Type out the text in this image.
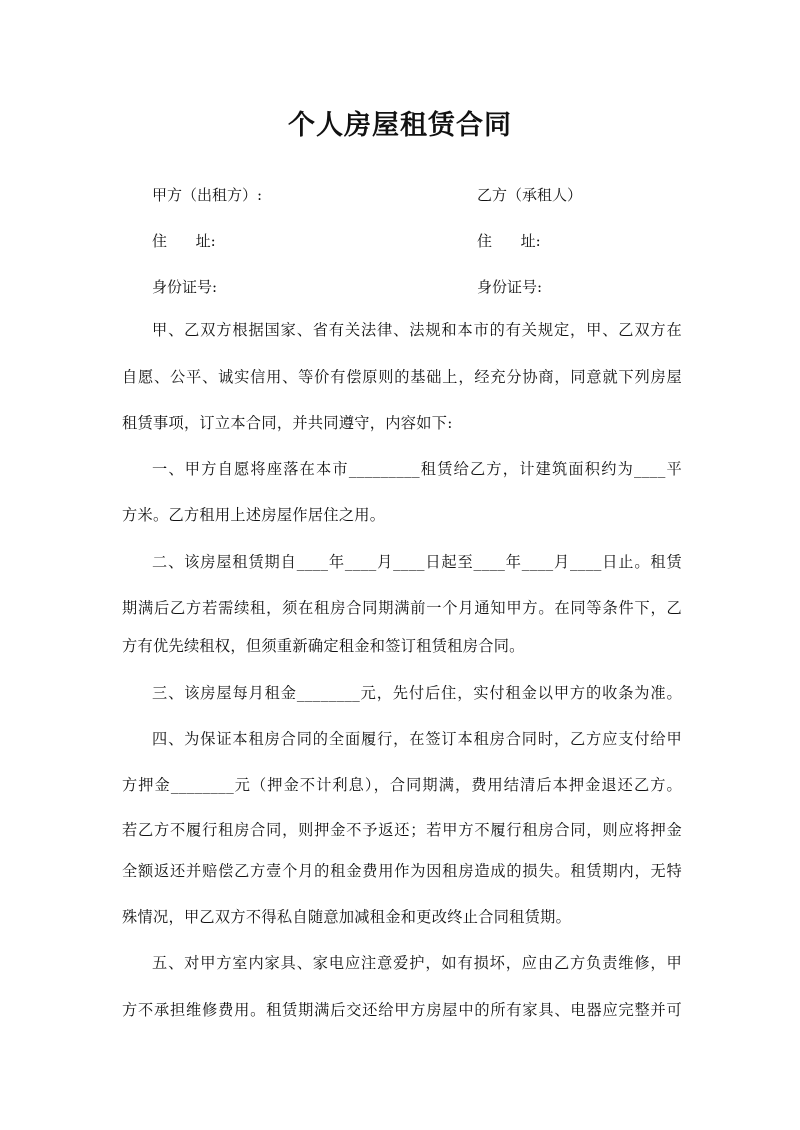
个人房屋租赁合同
甲方（出租方）:	乙方（承租人）
住      址:	住      址:
身份证号:	身份证号:
甲、乙双方根据国家、省有关法律、法规和本市的有关规定，甲、乙双方在
自愿、公平、诚实信用、等价有偿原则的基础上，经充分协商，同意就下列房屋
租赁事项，订立本合同，并共同遵守，内容如下:
一、甲方自愿将座落在本市_________租赁给乙方，计建筑面积约为____平
方米。乙方租用上述房屋作居住之用。
二、该房屋租赁期自____年____月____日起至____年____月____日止。租赁
期满后乙方若需续租，须在租房合同期满前一个月通知甲方。在同等条件下，乙
方有优先续租权，但须重新确定租金和签订租赁租房合同。
三、该房屋每月租金________元，先付后住，实付租金以甲方的收条为准。
四、为保证本租房合同的全面履行，在签订本租房合同时，乙方应支付给甲
方押金________元（押金不计利息），合同期满，费用结清后本押金退还乙方。
若乙方不履行租房合同，则押金不予返还；若甲方不履行租房合同，则应将押金
全额返还并赔偿乙方壹个月的租金费用作为因租房造成的损失。租赁期内，无特
殊情况，甲乙双方不得私自随意加减租金和更改终止合同租赁期。
五、对甲方室内家具、家电应注意爱护，如有损坏，应由乙方负责维修，甲
方不承担维修费用。租赁期满后交还给甲方房屋中的所有家具、电器应完整并可
